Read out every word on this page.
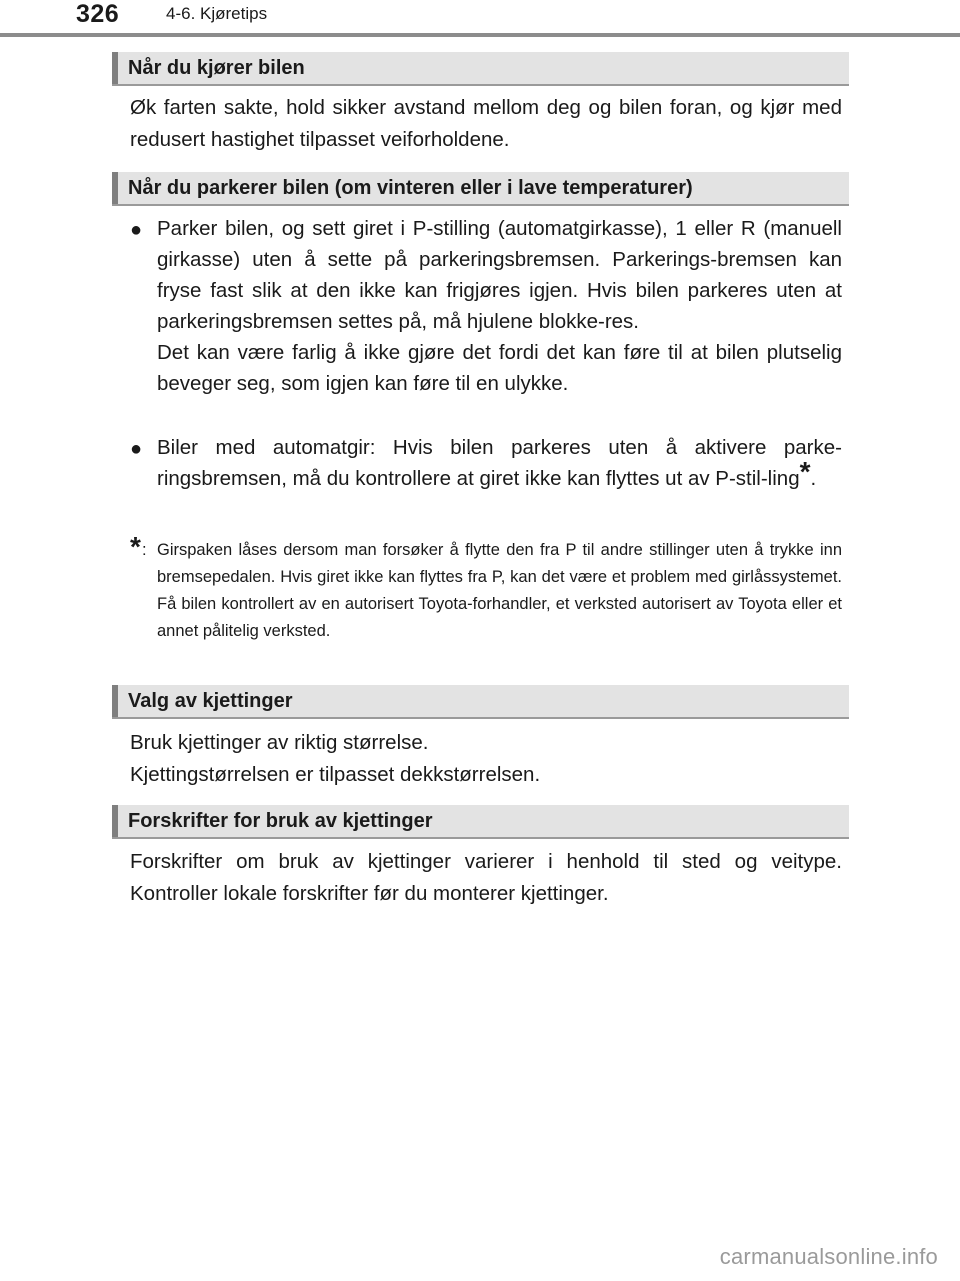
326	4-6. Kjøretips
Når du kjører bilen

Øk farten sakte, hold sikker avstand mellom deg og bilen foran, og kjør med redusert hastighet tilpasset veiforholdene.

Når du parkerer bilen (om vinteren eller i lave temperaturer)
● Parker bilen, og sett giret i P-stilling (automatgirkasse), 1 eller R (manuell girkasse) uten å sette på parkeringsbremsen. Parkerings-bremsen kan fryse fast slik at den ikke kan frigjøres igjen. Hvis bilen parkeres uten at parkeringsbremsen settes på, må hjulene blokke-res.

Det kan være farlig å ikke gjøre det fordi det kan føre til at bilen plutselig beveger seg, som igjen kan føre til en ulykke.

● Biler med automatgir: Hvis bilen parkeres uten å aktivere parke-ringsbremsen, må du kontrollere at giret ikke kan flyttes ut av P-stil-ling*.

* : Girspaken låses dersom man forsøker å flytte den fra P til andre stillinger uten å trykke inn bremsepedalen. Hvis giret ikke kan flyttes fra P, kan det være et problem med girlåssystemet. Få bilen kontrollert av en autorisert Toyota-forhandler, et verksted autorisert av Toyota eller et annet pålitelig verksted.
Valg av kjettinger

Bruk kjettinger av riktig størrelse.

Kjettingstørrelsen er tilpasset dekkstørrelsen.

Forskrifter for bruk av kjettinger

Forskrifter om bruk av kjettinger varierer i henhold til sted og veitype. Kontroller lokale forskrifter før du monterer kjettinger.

carmanualsonline.info
